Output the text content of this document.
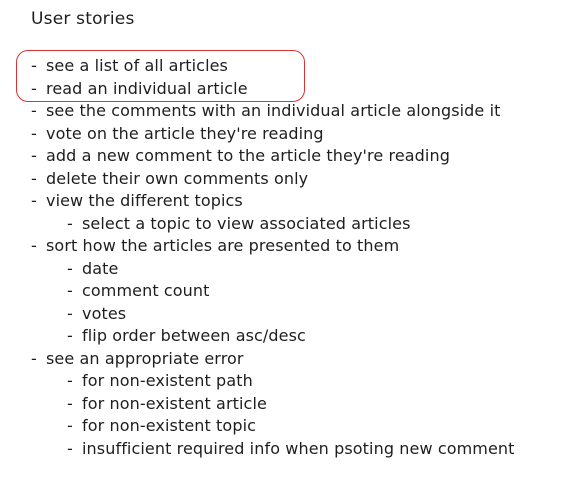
User stories
- see a list of all articles
- read an individual article
- see the comments with an individual article alongside it
- vote on the article they're reading
- add a new comment to the article they're reading
- delete their own comments only
- view the different topics
- select a topic to view associated articles
- sort how the articles are presented to them
- date
- comment count
- votes
- flip order between asc/desc
- see an appropriate error
- for non-existent path
- for non-existent article
- for non-existent topic
- insufficient required info when psoting new comment
